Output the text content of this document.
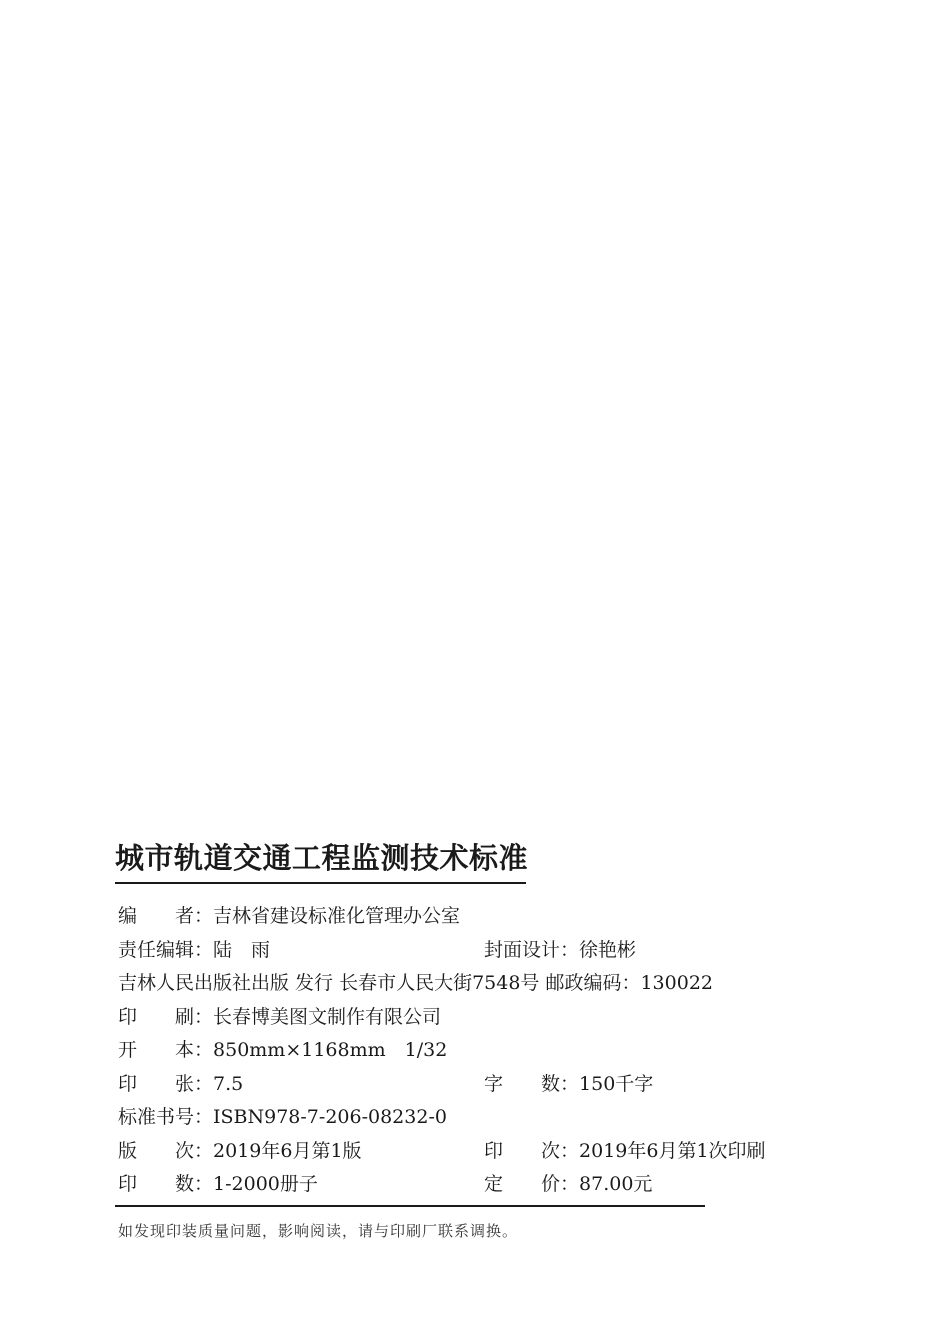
城市轨道交通工程监测技术标准
编　　者：吉林省建设标准化管理办公室
责任编辑：陆　雨	封面设计：徐艳彬
吉林人民出版社出版 发行 长春市人民大街7548号 邮政编码：130022
印　　刷：长春博美图文制作有限公司
开　　本：850mm×1168mm　1/32
印　　张：7.5	字　　数：150千字
标准书号：ISBN978-7-206-08232-0
版　　次：2019年6月第1版	印　　次：2019年6月第1次印刷
印　　数：1-2000册子	定　　价：87.00元
如发现印装质量问题，影响阅读，请与印刷厂联系调换。
